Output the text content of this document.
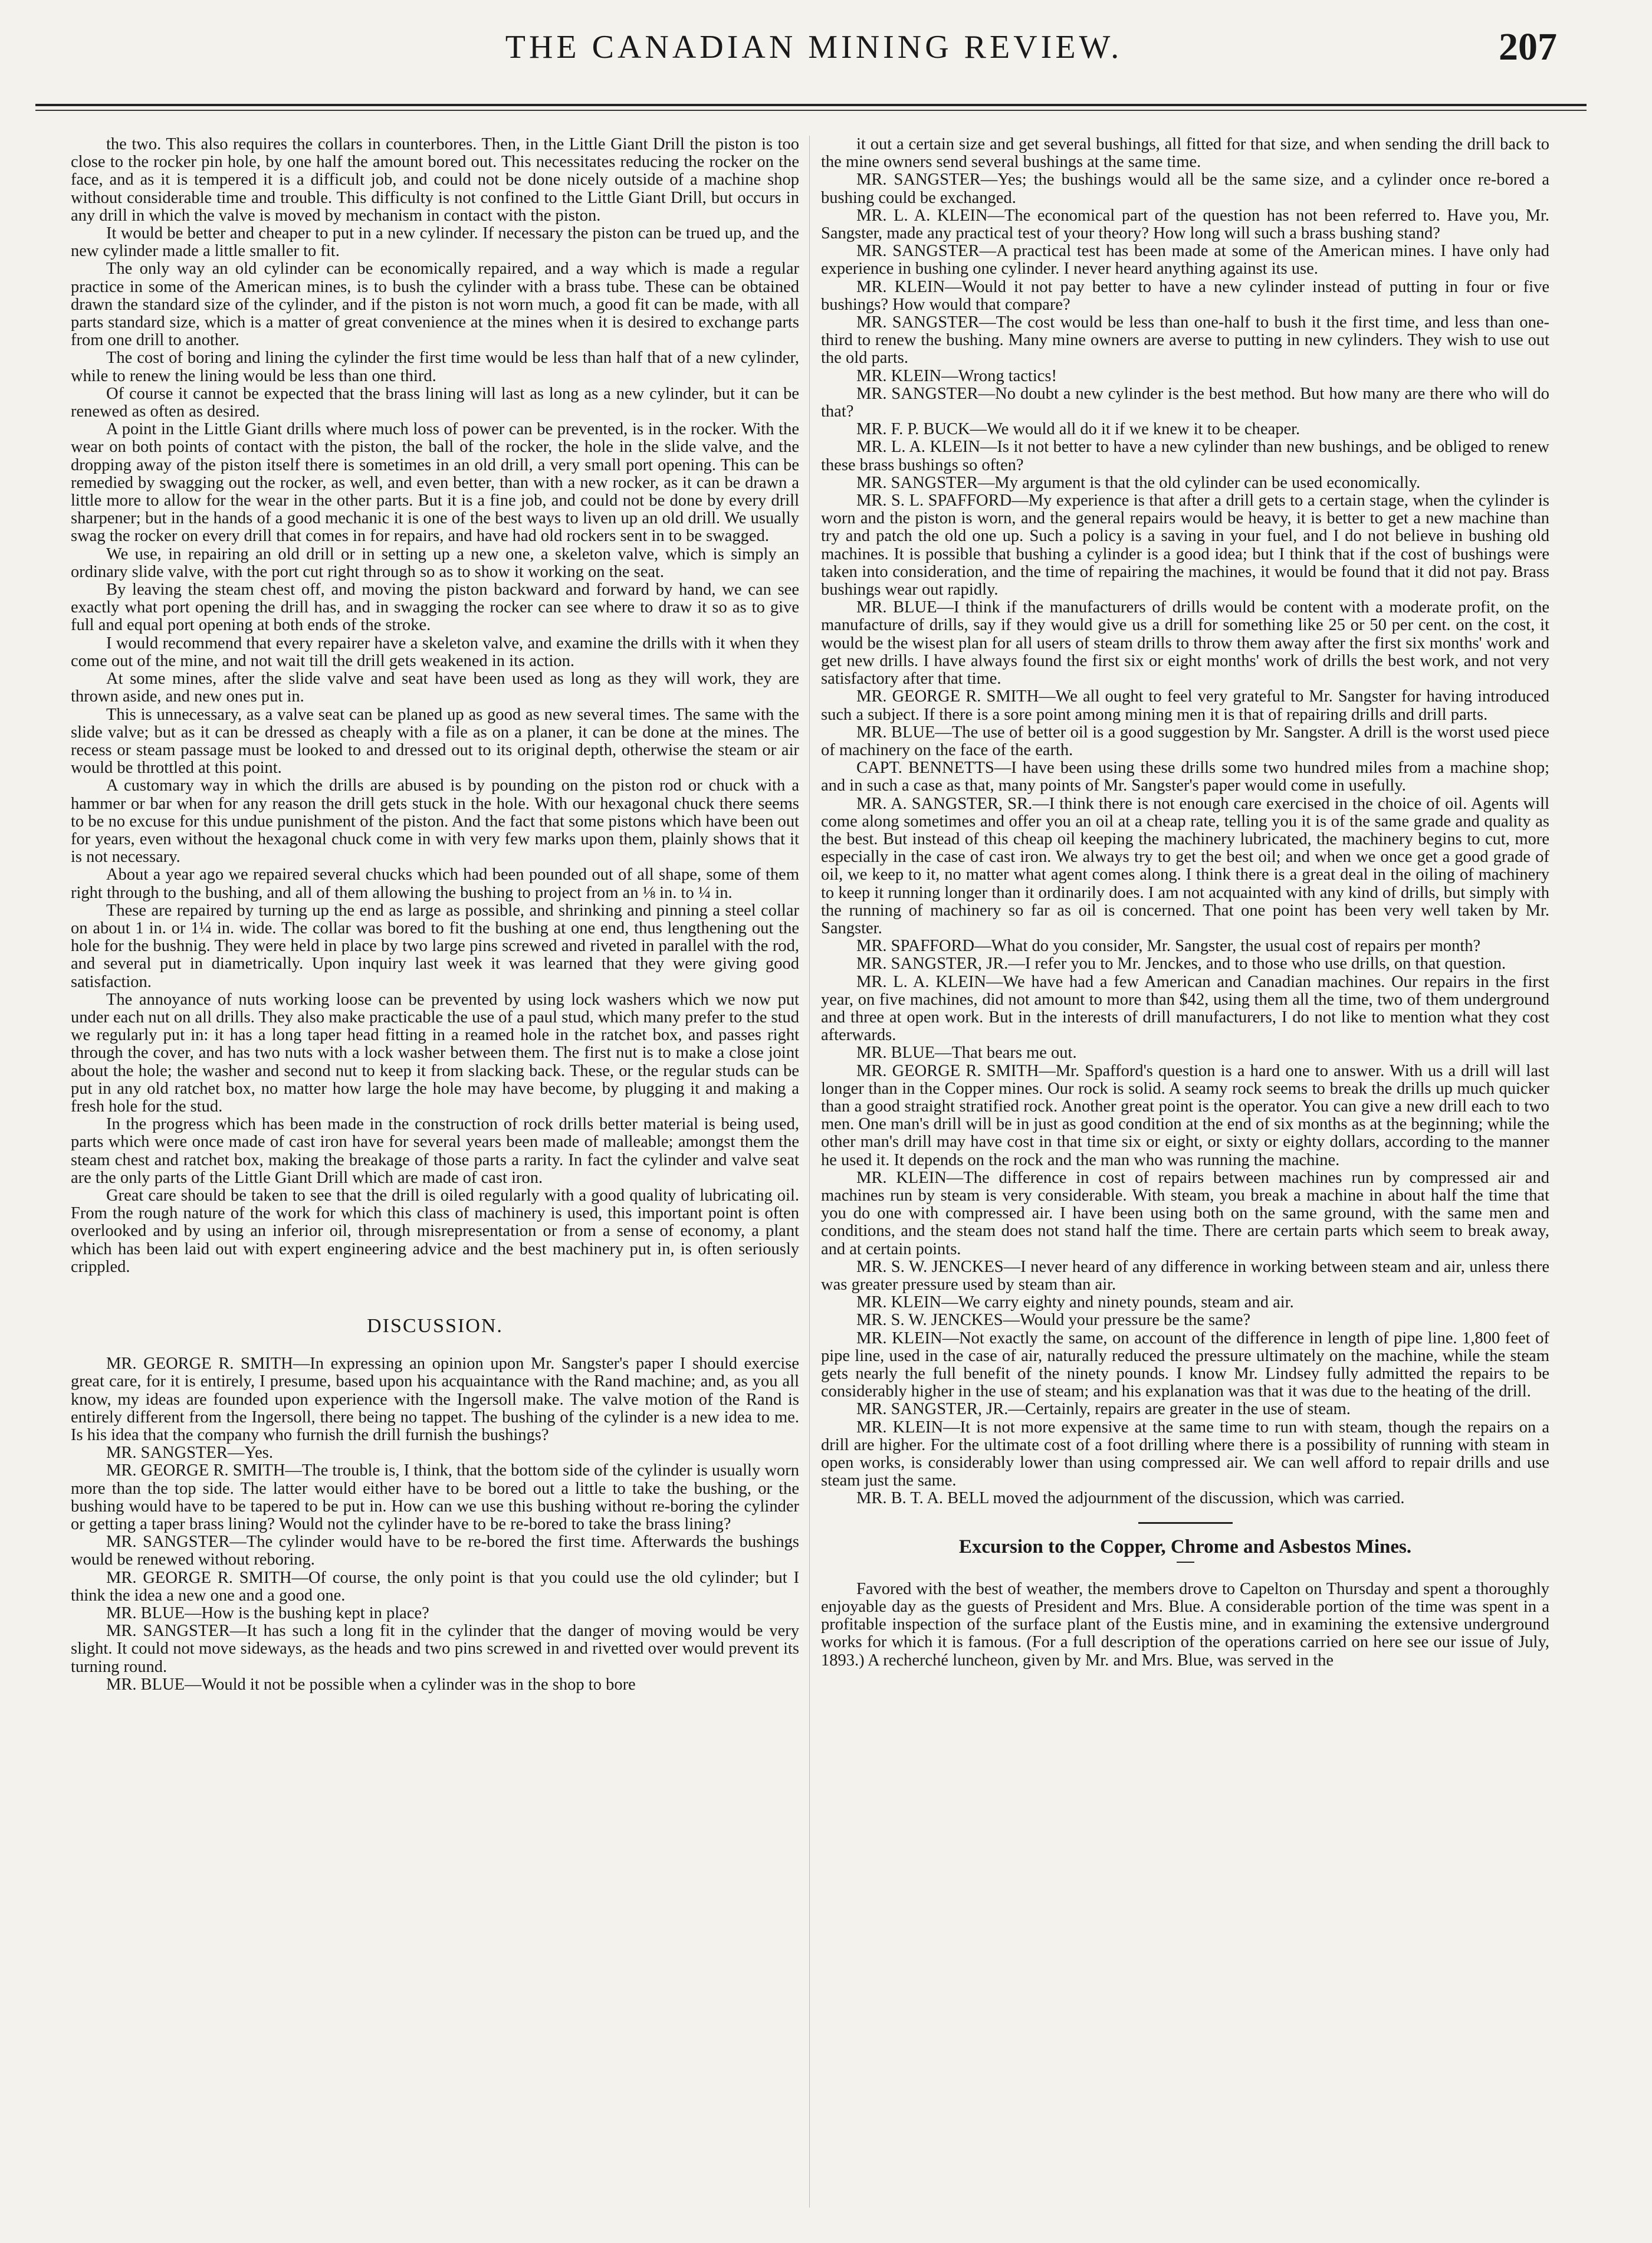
THE CANADIAN MINING REVIEW.	207

the two. This also requires the collars in counterbores. Then, in the Little Giant Drill the piston is too close to the rocker pin hole, by one half the amount bored out. This necessitates reducing the rocker on the face, and as it is tempered it is a difficult job, and could not be done nicely outside of a machine shop without considerable time and trouble. This difficulty is not confined to the Little Giant Drill, but occurs in any drill in which the valve is moved by mechanism in contact with the piston.

It would be better and cheaper to put in a new cylinder. If necessary the piston can be trued up, and the new cylinder made a little smaller to fit.

The only way an old cylinder can be economically repaired, and a way which is made a regular practice in some of the American mines, is to bush the cylinder with a brass tube. These can be obtained drawn the standard size of the cylinder, and if the piston is not worn much, a good fit can be made, with all parts standard size, which is a matter of great convenience at the mines when it is desired to exchange parts from one drill to another.

The cost of boring and lining the cylinder the first time would be less than half that of a new cylinder, while to renew the lining would be less than one third.

Of course it cannot be expected that the brass lining will last as long as a new cylinder, but it can be renewed as often as desired.

A point in the Little Giant drills where much loss of power can be prevented, is in the rocker. With the wear on both points of contact with the piston, the ball of the rocker, the hole in the slide valve, and the dropping away of the piston itself there is sometimes in an old drill, a very small port opening. This can be remedied by swagging out the rocker, as well, and even better, than with a new rocker, as it can be drawn a little more to allow for the wear in the other parts. But it is a fine job, and could not be done by every drill sharpener; but in the hands of a good mechanic it is one of the best ways to liven up an old drill. We usually swag the rocker on every drill that comes in for repairs, and have had old rockers sent in to be swagged.

We use, in repairing an old drill or in setting up a new one, a skeleton valve, which is simply an ordinary slide valve, with the port cut right through so as to show it working on the seat.

By leaving the steam chest off, and moving the piston backward and forward by hand, we can see exactly what port opening the drill has, and in swagging the rocker can see where to draw it so as to give full and equal port opening at both ends of the stroke.

I would recommend that every repairer have a skeleton valve, and examine the drills with it when they come out of the mine, and not wait till the drill gets weakened in its action.

At some mines, after the slide valve and seat have been used as long as they will work, they are thrown aside, and new ones put in.

This is unnecessary, as a valve seat can be planed up as good as new several times. The same with the slide valve; but as it can be dressed as cheaply with a file as on a planer, it can be done at the mines. The recess or steam passage must be looked to and dressed out to its original depth, otherwise the steam or air would be throttled at this point.

A customary way in which the drills are abused is by pounding on the piston rod or chuck with a hammer or bar when for any reason the drill gets stuck in the hole. With our hexagonal chuck there seems to be no excuse for this undue punishment of the piston. And the fact that some pistons which have been out for years, even without the hexagonal chuck come in with very few marks upon them, plainly shows that it is not necessary.

About a year ago we repaired several chucks which had been pounded out of all shape, some of them right through to the bushing, and all of them allowing the bushing to project from an ⅛ in. to ¼ in.

These are repaired by turning up the end as large as possible, and shrinking and pinning a steel collar on about 1 in. or 1¼ in. wide. The collar was bored to fit the bushing at one end, thus lengthening out the hole for the bushnig. They were held in place by two large pins screwed and riveted in parallel with the rod, and several put in diametrically. Upon inquiry last week it was learned that they were giving good satisfaction.

The annoyance of nuts working loose can be prevented by using lock washers which we now put under each nut on all drills. They also make practicable the use of a paul stud, which many prefer to the stud we regularly put in: it has a long taper head fitting in a reamed hole in the ratchet box, and passes right through the cover, and has two nuts with a lock washer between them. The first nut is to make a close joint about the hole; the washer and second nut to keep it from slacking back. These, or the regular studs can be put in any old ratchet box, no matter how large the hole may have become, by plugging it and making a fresh hole for the stud.

In the progress which has been made in the construction of rock drills better material is being used, parts which were once made of cast iron have for several years been made of malleable; amongst them the steam chest and ratchet box, making the breakage of those parts a rarity. In fact the cylinder and valve seat are the only parts of the Little Giant Drill which are made of cast iron.

Great care should be taken to see that the drill is oiled regularly with a good quality of lubricating oil. From the rough nature of the work for which this class of machinery is used, this important point is often overlooked and by using an inferior oil, through misrepresentation or from a sense of economy, a plant which has been laid out with expert engineering advice and the best machinery put in, is often seriously crippled.

DISCUSSION.

MR. GEORGE R. SMITH—In expressing an opinion upon Mr. Sangster's paper I should exercise great care, for it is entirely, I presume, based upon his acquaintance with the Rand machine; and, as you all know, my ideas are founded upon experience with the Ingersoll make. The valve motion of the Rand is entirely different from the Ingersoll, there being no tappet. The bushing of the cylinder is a new idea to me. Is his idea that the company who furnish the drill furnish the bushings?

MR. SANGSTER—Yes.

MR. GEORGE R. SMITH—The trouble is, I think, that the bottom side of the cylinder is usually worn more than the top side. The latter would either have to be bored out a little to take the bushing, or the bushing would have to be tapered to be put in. How can we use this bushing without re-boring the cylinder or getting a taper brass lining? Would not the cylinder have to be re-bored to take the brass lining?

MR. SANGSTER—The cylinder would have to be re-bored the first time. Afterwards the bushings would be renewed without reboring.

MR. GEORGE R. SMITH—Of course, the only point is that you could use the old cylinder; but I think the idea a new one and a good one.

MR. BLUE—How is the bushing kept in place?

MR. SANGSTER—It has such a long fit in the cylinder that the danger of moving would be very slight. It could not move sideways, as the heads and two pins screwed in and rivetted over would prevent its turning round.

MR. BLUE—Would it not be possible when a cylinder was in the shop to bore

it out a certain size and get several bushings, all fitted for that size, and when sending the drill back to the mine owners send several bushings at the same time.

MR. SANGSTER—Yes; the bushings would all be the same size, and a cylinder once re-bored a bushing could be exchanged.

MR. L. A. KLEIN—The economical part of the question has not been referred to. Have you, Mr. Sangster, made any practical test of your theory? How long will such a brass bushing stand?

MR. SANGSTER—A practical test has been made at some of the American mines. I have only had experience in bushing one cylinder. I never heard anything against its use.

MR. KLEIN—Would it not pay better to have a new cylinder instead of putting in four or five bushings? How would that compare?

MR. SANGSTER—The cost would be less than one-half to bush it the first time, and less than one-third to renew the bushing. Many mine owners are averse to putting in new cylinders. They wish to use out the old parts.

MR. KLEIN—Wrong tactics!

MR. SANGSTER—No doubt a new cylinder is the best method. But how many are there who will do that?

MR. F. P. BUCK—We would all do it if we knew it to be cheaper.

MR. L. A. KLEIN—Is it not better to have a new cylinder than new bushings, and be obliged to renew these brass bushings so often?

MR. SANGSTER—My argument is that the old cylinder can be used economically.

MR. S. L. SPAFFORD—My experience is that after a drill gets to a certain stage, when the cylinder is worn and the piston is worn, and the general repairs would be heavy, it is better to get a new machine than try and patch the old one up. Such a policy is a saving in your fuel, and I do not believe in bushing old machines. It is possible that bushing a cylinder is a good idea; but I think that if the cost of bushings were taken into consideration, and the time of repairing the machines, it would be found that it did not pay. Brass bushings wear out rapidly.

MR. BLUE—I think if the manufacturers of drills would be content with a moderate profit, on the manufacture of drills, say if they would give us a drill for something like 25 or 50 per cent. on the cost, it would be the wisest plan for all users of steam drills to throw them away after the first six months' work and get new drills. I have always found the first six or eight months' work of drills the best work, and not very satisfactory after that time.

MR. GEORGE R. SMITH—We all ought to feel very grateful to Mr. Sangster for having introduced such a subject. If there is a sore point among mining men it is that of repairing drills and drill parts.

MR. BLUE—The use of better oil is a good suggestion by Mr. Sangster. A drill is the worst used piece of machinery on the face of the earth.

CAPT. BENNETTS—I have been using these drills some two hundred miles from a machine shop; and in such a case as that, many points of Mr. Sangster's paper would come in usefully.

MR. A. SANGSTER, SR.—I think there is not enough care exercised in the choice of oil. Agents will come along sometimes and offer you an oil at a cheap rate, telling you it is of the same grade and quality as the best. But instead of this cheap oil keeping the machinery lubricated, the machinery begins to cut, more especially in the case of cast iron. We always try to get the best oil; and when we once get a good grade of oil, we keep to it, no matter what agent comes along. I think there is a great deal in the oiling of machinery to keep it running longer than it ordinarily does. I am not acquainted with any kind of drills, but simply with the running of machinery so far as oil is concerned. That one point has been very well taken by Mr. Sangster.

MR. SPAFFORD—What do you consider, Mr. Sangster, the usual cost of repairs per month?

MR. SANGSTER, JR.—I refer you to Mr. Jenckes, and to those who use drills, on that question.

MR. L. A. KLEIN—We have had a few American and Canadian machines. Our repairs in the first year, on five machines, did not amount to more than $42, using them all the time, two of them underground and three at open work. But in the interests of drill manufacturers, I do not like to mention what they cost afterwards.

MR. BLUE—That bears me out.

MR. GEORGE R. SMITH—Mr. Spafford's question is a hard one to answer. With us a drill will last longer than in the Copper mines. Our rock is solid. A seamy rock seems to break the drills up much quicker than a good straight stratified rock. Another great point is the operator. You can give a new drill each to two men. One man's drill will be in just as good condition at the end of six months as at the beginning; while the other man's drill may have cost in that time six or eight, or sixty or eighty dollars, according to the manner he used it. It depends on the rock and the man who was running the machine.

MR. KLEIN—The difference in cost of repairs between machines run by compressed air and machines run by steam is very considerable. With steam, you break a machine in about half the time that you do one with compressed air. I have been using both on the same ground, with the same men and conditions, and the steam does not stand half the time. There are certain parts which seem to break away, and at certain points.

MR. S. W. JENCKES—I never heard of any difference in working between steam and air, unless there was greater pressure used by steam than air.

MR. KLEIN—We carry eighty and ninety pounds, steam and air.

MR. S. W. JENCKES—Would your pressure be the same?

MR. KLEIN—Not exactly the same, on account of the difference in length of pipe line. 1,800 feet of pipe line, used in the case of air, naturally reduced the pressure ultimately on the machine, while the steam gets nearly the full benefit of the ninety pounds. I know Mr. Lindsey fully admitted the repairs to be considerably higher in the use of steam; and his explanation was that it was due to the heating of the drill.

MR. SANGSTER, JR.—Certainly, repairs are greater in the use of steam.

MR. KLEIN—It is not more expensive at the same time to run with steam, though the repairs on a drill are higher. For the ultimate cost of a foot drilling where there is a possibility of running with steam in open works, is considerably lower than using compressed air. We can well afford to repair drills and use steam just the same.

MR. B. T. A. BELL moved the adjournment of the discussion, which was carried.

Excursion to the Copper, Chrome and Asbestos Mines.

Favored with the best of weather, the members drove to Capelton on Thursday and spent a thoroughly enjoyable day as the guests of President and Mrs. Blue. A considerable portion of the time was spent in a profitable inspection of the surface plant of the Eustis mine, and in examining the extensive underground works for which it is famous. (For a full description of the operations carried on here see our issue of July, 1893.) A recherché luncheon, given by Mr. and Mrs. Blue, was served in the
